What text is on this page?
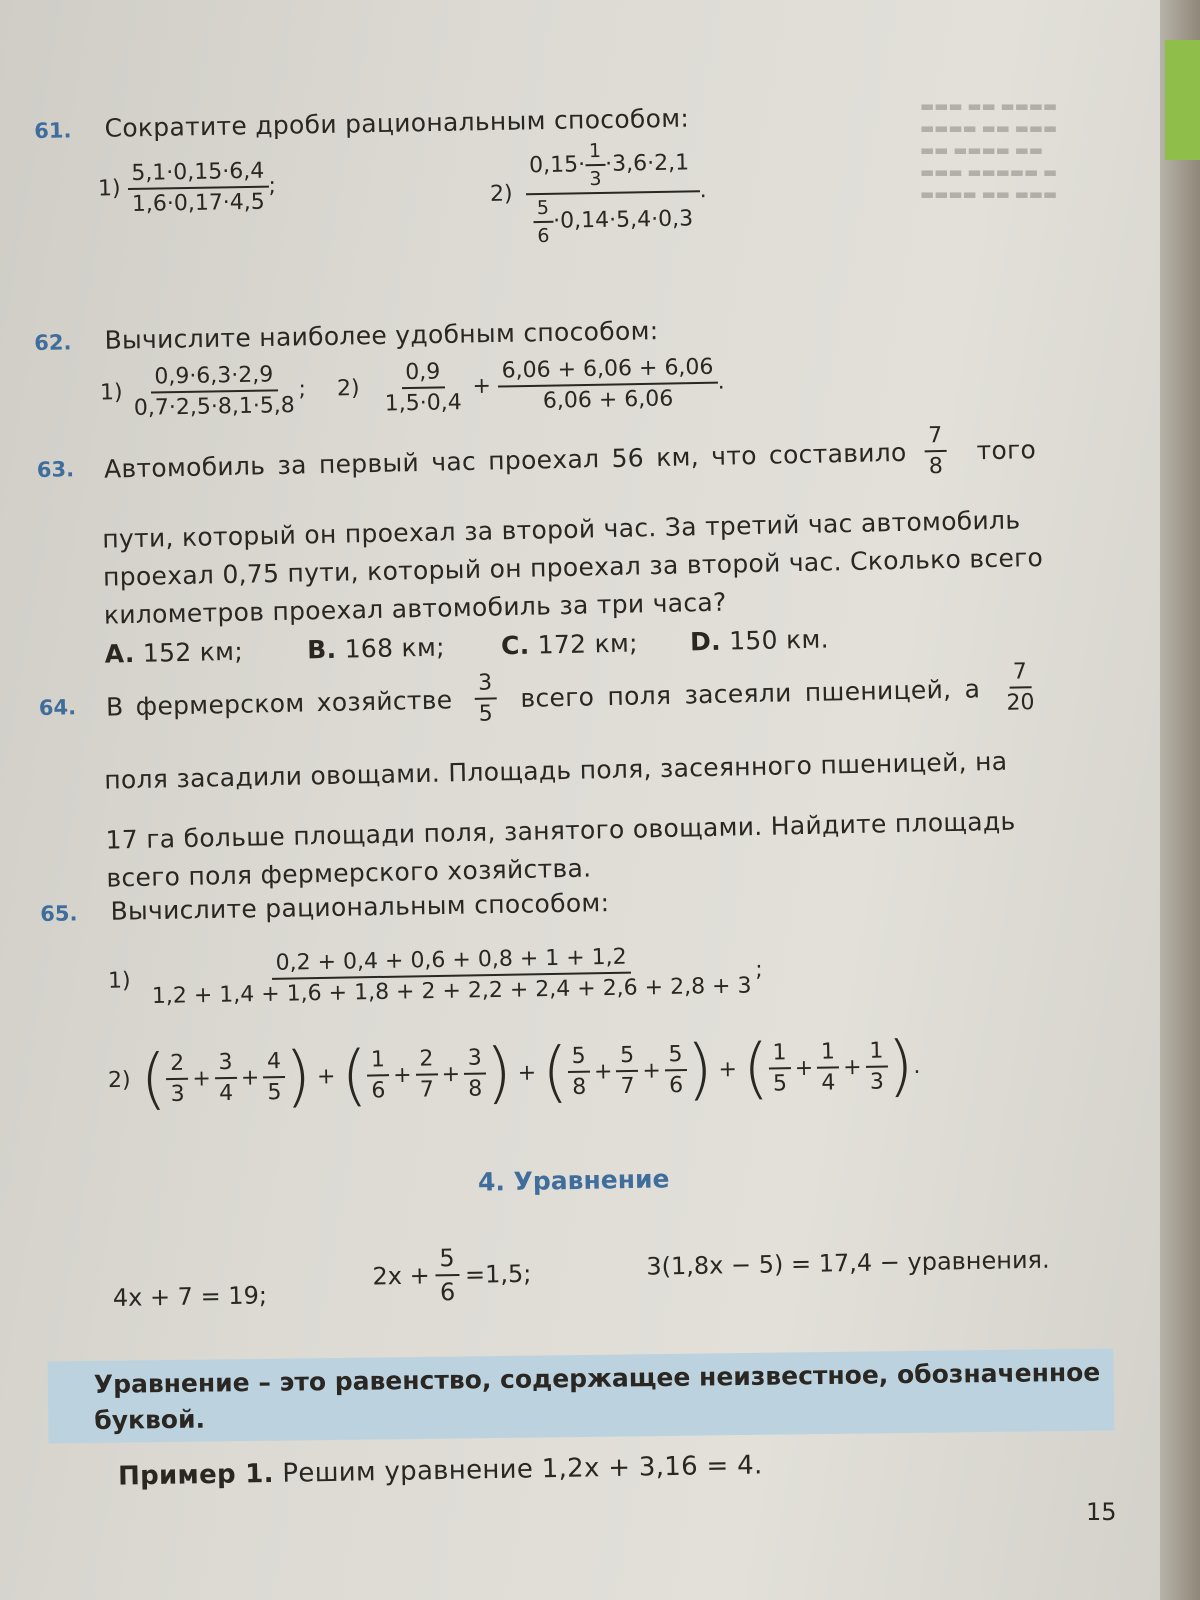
▬▬▬ ▬▬ ▬▬▬▬
▬▬▬▬ ▬▬ ▬▬▬
▬▬ ▬▬▬▬ ▬▬
▬▬▬ ▬▬▬▬▬ ▬
▬▬▬▬ ▬▬ ▬▬▬
61. Сократите дроби рациональным способом:
$1) \frac{5,1\cdot 0,15\cdot 6,4}{1,6\cdot 0,17\cdot 4,5}$ ;	$2) \frac{0,15\cdot \frac{1}{3} \cdot 3,6\cdot 2,1}{\frac{5}{6} \cdot 0,14\cdot 5,4\cdot 0,3}$
.
62. Вычислите наиболее удобным способом:
$1) \frac{0,9\cdot 6,3\cdot 2,9}{0,7\cdot 2,5\cdot 8,1\cdot 5,8}$ ; $2) \frac{0,9}{1,5\cdot 0,4} + \frac{6,06 + 6,06 + 6,06}{6,06 + 6,06}$ .
63. Автомобиль за первый час проехал 56 км, что составило $\frac{7}{8}$ того
пути, который он проехал за второй час. За третий час автомобиль
проехал 0,75 пути, который он проехал за второй час. Сколько всего
километров проехал автомобиль за три часа?
A. 152 км;	B. 168 км; C. 172 км; D. 150 км.
64. В фермерском хозяйстве $\frac{3}{5}$ всего поля засеяли пшеницей, а $\frac{7}{20}$
поля засадили овощами. Площадь поля, засеянного пшеницей, на
17 га больше площади поля, занятого овощами. Найдите площадь
всего поля фермерского хозяйства.
65. Вычислите рациональным способом:
$1) \frac{0,2 + 0,4 + 0,6 + 0,8 + 1 + 1,2}{1,2 + 1,4 + 1,6 + 1,8 + 2 + 2,2 + 2,4 + 2,6 + 2,8 + 3}$ ;
2) (
$\frac{2}{3} + \frac{3}{4} + \frac{4}{5}$
) + (
$\frac{1}{6} + \frac{2}{7} + \frac{3}{8}$
) + (
$\frac{5}{8} + \frac{5}{7} + \frac{5}{6}$
) + (
$\frac{1}{5} + \frac{1}{4} + \frac{1}{3}$
) .
4. Уравнение
4x + 7 = 19;
$2x + \frac{5}{6} =1,5$;	3(1,8x − 5) = 17,4 − уравнения.
Уравнение – это равенство, содержащее неизвестное, обозначенное
буквой.
Пример 1. Решим уравнение 1,2x + 3,16 = 4.
15
